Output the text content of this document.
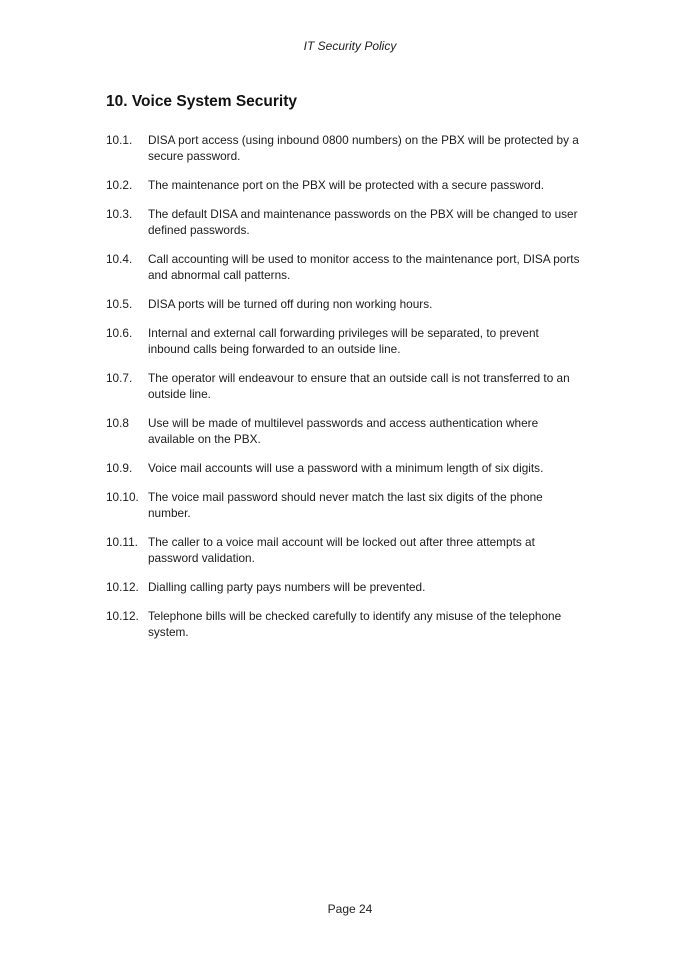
IT Security Policy
10. Voice System Security
10.1.	DISA port access (using inbound 0800 numbers) on the PBX will be protected by a secure password.
10.2.	The maintenance port on the PBX will be protected with a secure password.
10.3.	The default DISA and maintenance passwords on the PBX will be changed to user defined passwords.
10.4.	Call accounting will be used to monitor access to the maintenance port, DISA ports and abnormal call patterns.
10.5.	DISA ports will be turned off during non working hours.
10.6.	Internal and external call forwarding privileges will be separated, to prevent inbound calls being forwarded to an outside line.
10.7.	The operator will endeavour to ensure that an outside call is not transferred to an outside line.
10.8	Use will be made of multilevel passwords and access authentication where available on the PBX.
10.9.	Voice mail accounts will use a password with a minimum length of six digits.
10.10. The voice mail password should never match the last six digits of the phone number.
10.11. The caller to a voice mail account will be locked out after three attempts at password validation.
10.12. Dialling calling party pays numbers will be prevented.
10.12. Telephone bills will be checked carefully to identify any misuse of the telephone system.
Page 24
